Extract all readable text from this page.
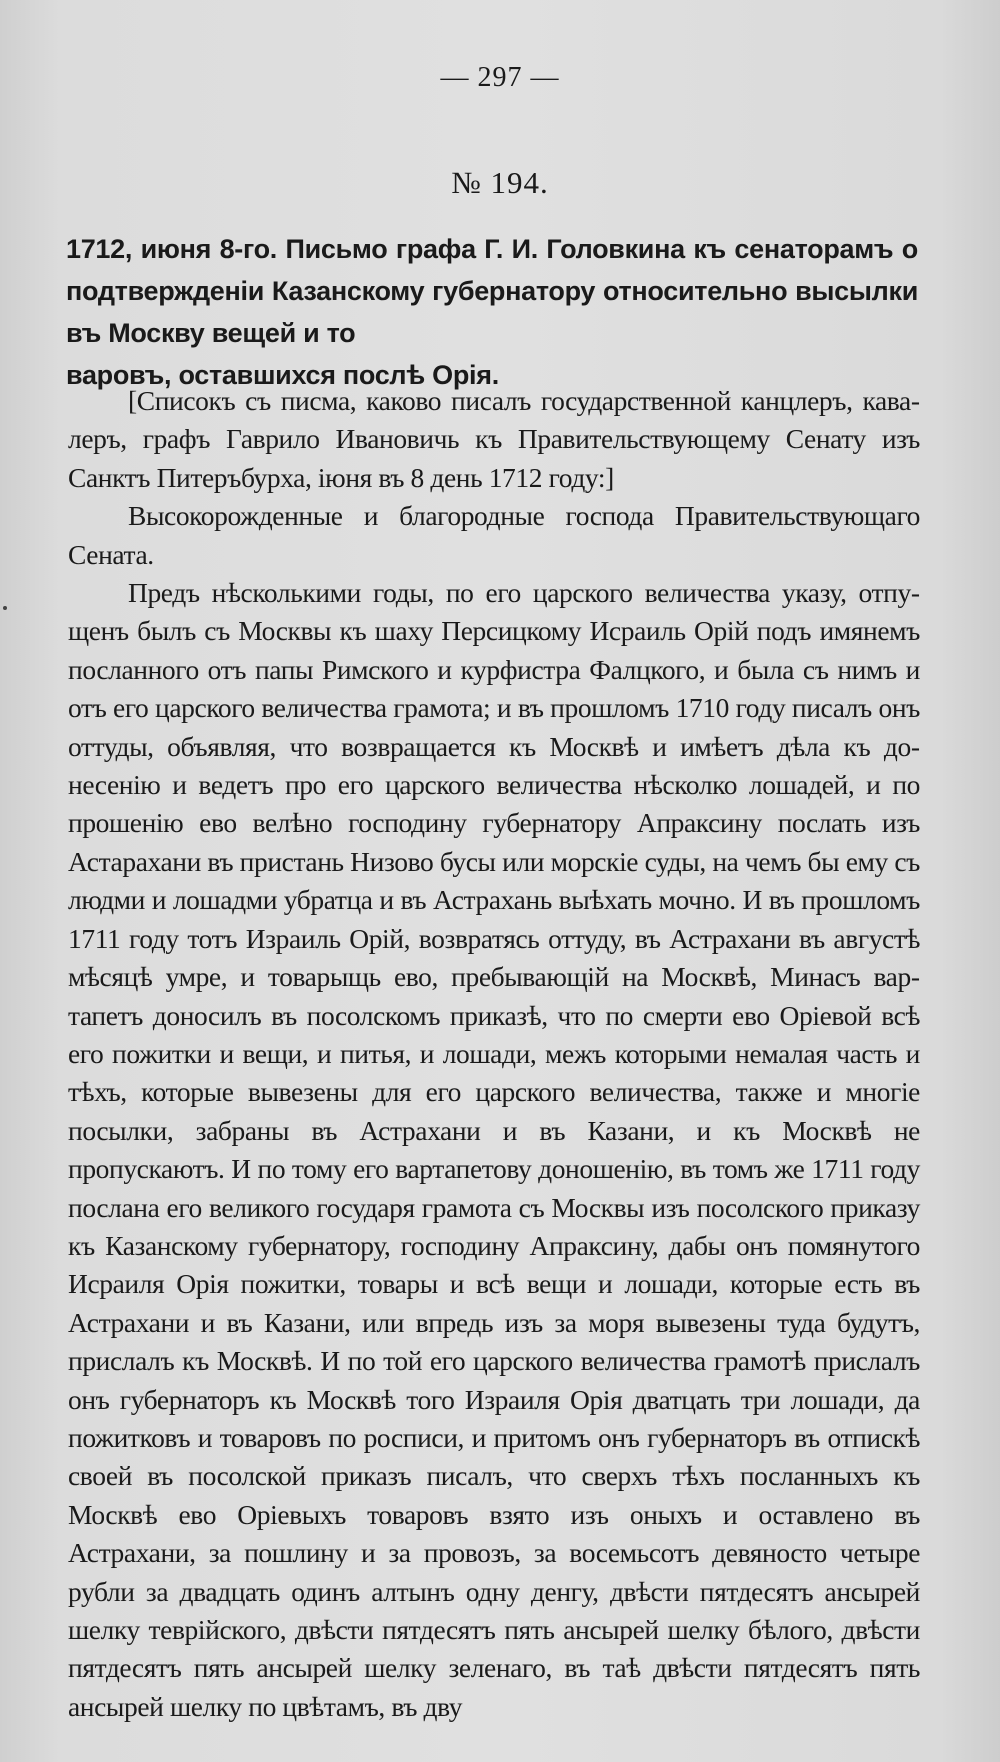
— 297 —
№ 194.
1712, июня 8-го. Письмо графа Г. И. Головкина къ сенаторамъ о подтвержденіи Казанскому губернатору относительно высылки въ Москву вещей и то
варовъ, оставшихся послѣ Орія.

[Списокъ съ писма, каково писалъ государственной канцлеръ, кавалеръ, графъ Гаврило Ивановичь къ Правительствующему Сенату изъ Санктъ Питеръбурха, іюня въ 8 день 1712 году:]

Высокорожденные и благородные господа Правительствующаго Сената.

Предъ нѣсколькими годы, по его царского величества указу, отпущенъ былъ съ Москвы къ шаху Персицкому Исраиль Орій подъ имянемъ посланного отъ папы Римского и курфистра Фалцкого, и была съ нимъ и отъ его царского величества грамота; и въ прошломъ 1710 году писалъ онъ оттуды, объявляя, что возвращается къ Москвѣ и имѣетъ дѣла къ донесенію и ведетъ про его царского величества нѣсколко лошадей, и по прошенію ево велѣно господину губернатору Апраксину послать изъ Астарахани въ пристань Низово бусы или морскіе суды, на чемъ бы ему съ людми и лошадми убратца и въ Астрахань выѣхать мочно. И въ прошломъ 1711 году тотъ Израиль Орій, возвратясь оттуду, въ Астрахани въ августѣ мѣсяцѣ умре, и товарыщь ево, пребывающій на Москвѣ, Минасъ вартапетъ доносилъ въ посолскомъ приказѣ, что по смерти ево Оріевой всѣ его пожитки и вещи, и питья, и лошади, межъ которыми немалая часть и тѣхъ, которые вывезены для его царского величества, также и многіе посылки, забраны въ Астрахани и въ Казани, и къ Москвѣ не пропускаютъ. И по тому его вартапетову доношенію, въ томъ же 1711 году послана его великого государя грамота съ Москвы изъ посолского приказу къ Казанскому губернатору, господину Апраксину, дабы онъ помянутого Исраиля Орія пожитки, товары и всѣ вещи и лошади, которые есть въ Астрахани и въ Казани, или впредь изъ за моря вывезены туда будутъ, прислалъ къ Москвѣ. И по той его царского величества грамотѣ прислалъ онъ губернаторъ къ Москвѣ того Израиля Орія дватцать три лошади, да пожитковъ и товаровъ по росписи, и притомъ онъ губернаторъ въ отпискѣ своей въ посолской приказъ писалъ, что сверхъ тѣхъ посланныхъ къ Москвѣ ево Оріевыхъ товаровъ взято изъ оныхъ и оставлено въ Астрахани, за пошлину и за провозъ, за восемьсотъ девяносто четыре рубли за двадцать одинъ алтынъ одну денгу, двѣсти пятдесятъ ансырей шелку теврійского, двѣсти пятдесятъ пять ансырей шелку бѣлого, двѣсти пятдесятъ пять ансырей шелку зеленаго, въ таѣ двѣсти пятдесятъ пять ансырей шелку по цвѣтамъ, въ дву
